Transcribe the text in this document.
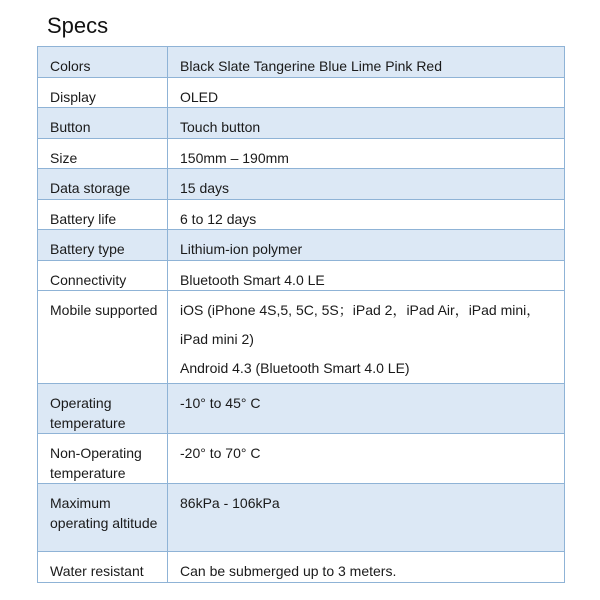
Specs
Colors	Black Slate Tangerine Blue Lime Pink Red
Display	OLED
Button	Touch button
Size	150mm – 190mm
Data storage	15 days
Battery life	6 to 12 days
Battery type	Lithium-ion polymer
Connectivity	Bluetooth Smart 4.0 LE
Mobile supported	iOS (iPhone 4S,5, 5C, 5S；iPad 2，iPad Air，iPad mini，
iPad mini 2)
Android 4.3 (Bluetooth Smart 4.0 LE)

Operating temperature	-10° to 45° C
Non-Operating temperature	-20° to 70° C
Maximum operating altitude	86kPa - 106kPa
Water resistant	Can be submerged up to 3 meters.
